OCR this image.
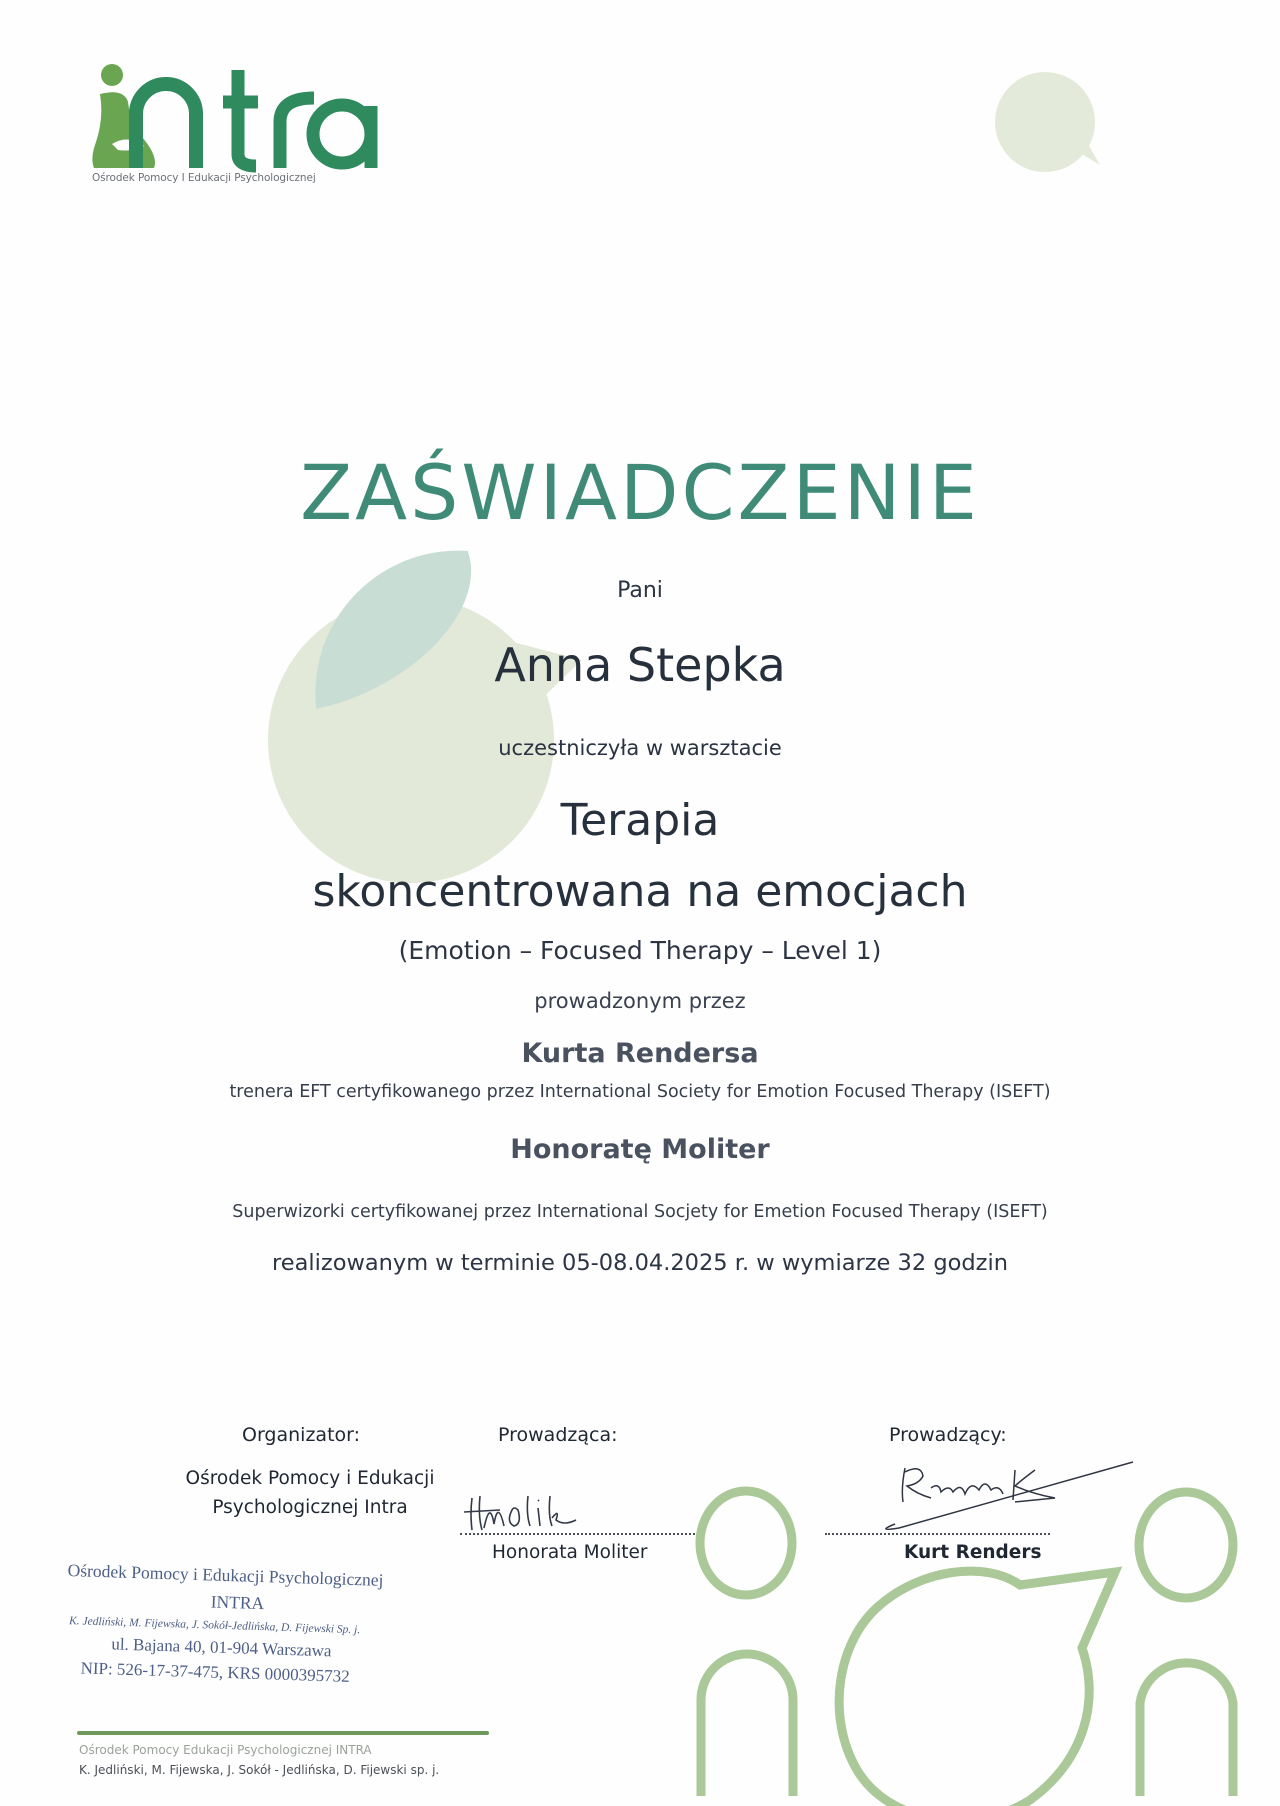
Ośrodek Pomocy I Edukacji Psychologicznej
ZAŚWIADCZENIE
Pani
Anna Stepka
uczestniczyła w warsztacie
Terapia
skoncentrowana na emocjach
(Emotion – Focused Therapy – Level 1)
prowadzonym przez
Kurta Rendersa
trenera EFT certyfikowanego przez International Society for Emotion Focused Therapy (ISEFT)
Honoratę Moliter
Superwizorki certyfikowanej przez International Socjety for Emetion Focused Therapy (ISEFT)
realizowanym w terminie 05-08.04.2025 r. w wymiarze 32 godzin
Organizator:
Ośrodek Pomocy i Edukacji
Psychologicznej Intra
Prowadząca:
Honorata Moliter
Prowadzący:
Kurt Renders
Ośrodek Pomocy i Edukacji Psychologicznej
INTRA
K. Jedliński, M. Fijewska, J. Sokół-Jedlińska, D. Fijewski Sp. j.
ul. Bajana 40, 01-904 Warszawa
NIP: 526-17-37-475, KRS 0000395732
Ośrodek Pomocy Edukacji Psychologicznej INTRA
K. Jedliński, M. Fijewska, J. Sokół - Jedlińska, D. Fijewski sp. j.
